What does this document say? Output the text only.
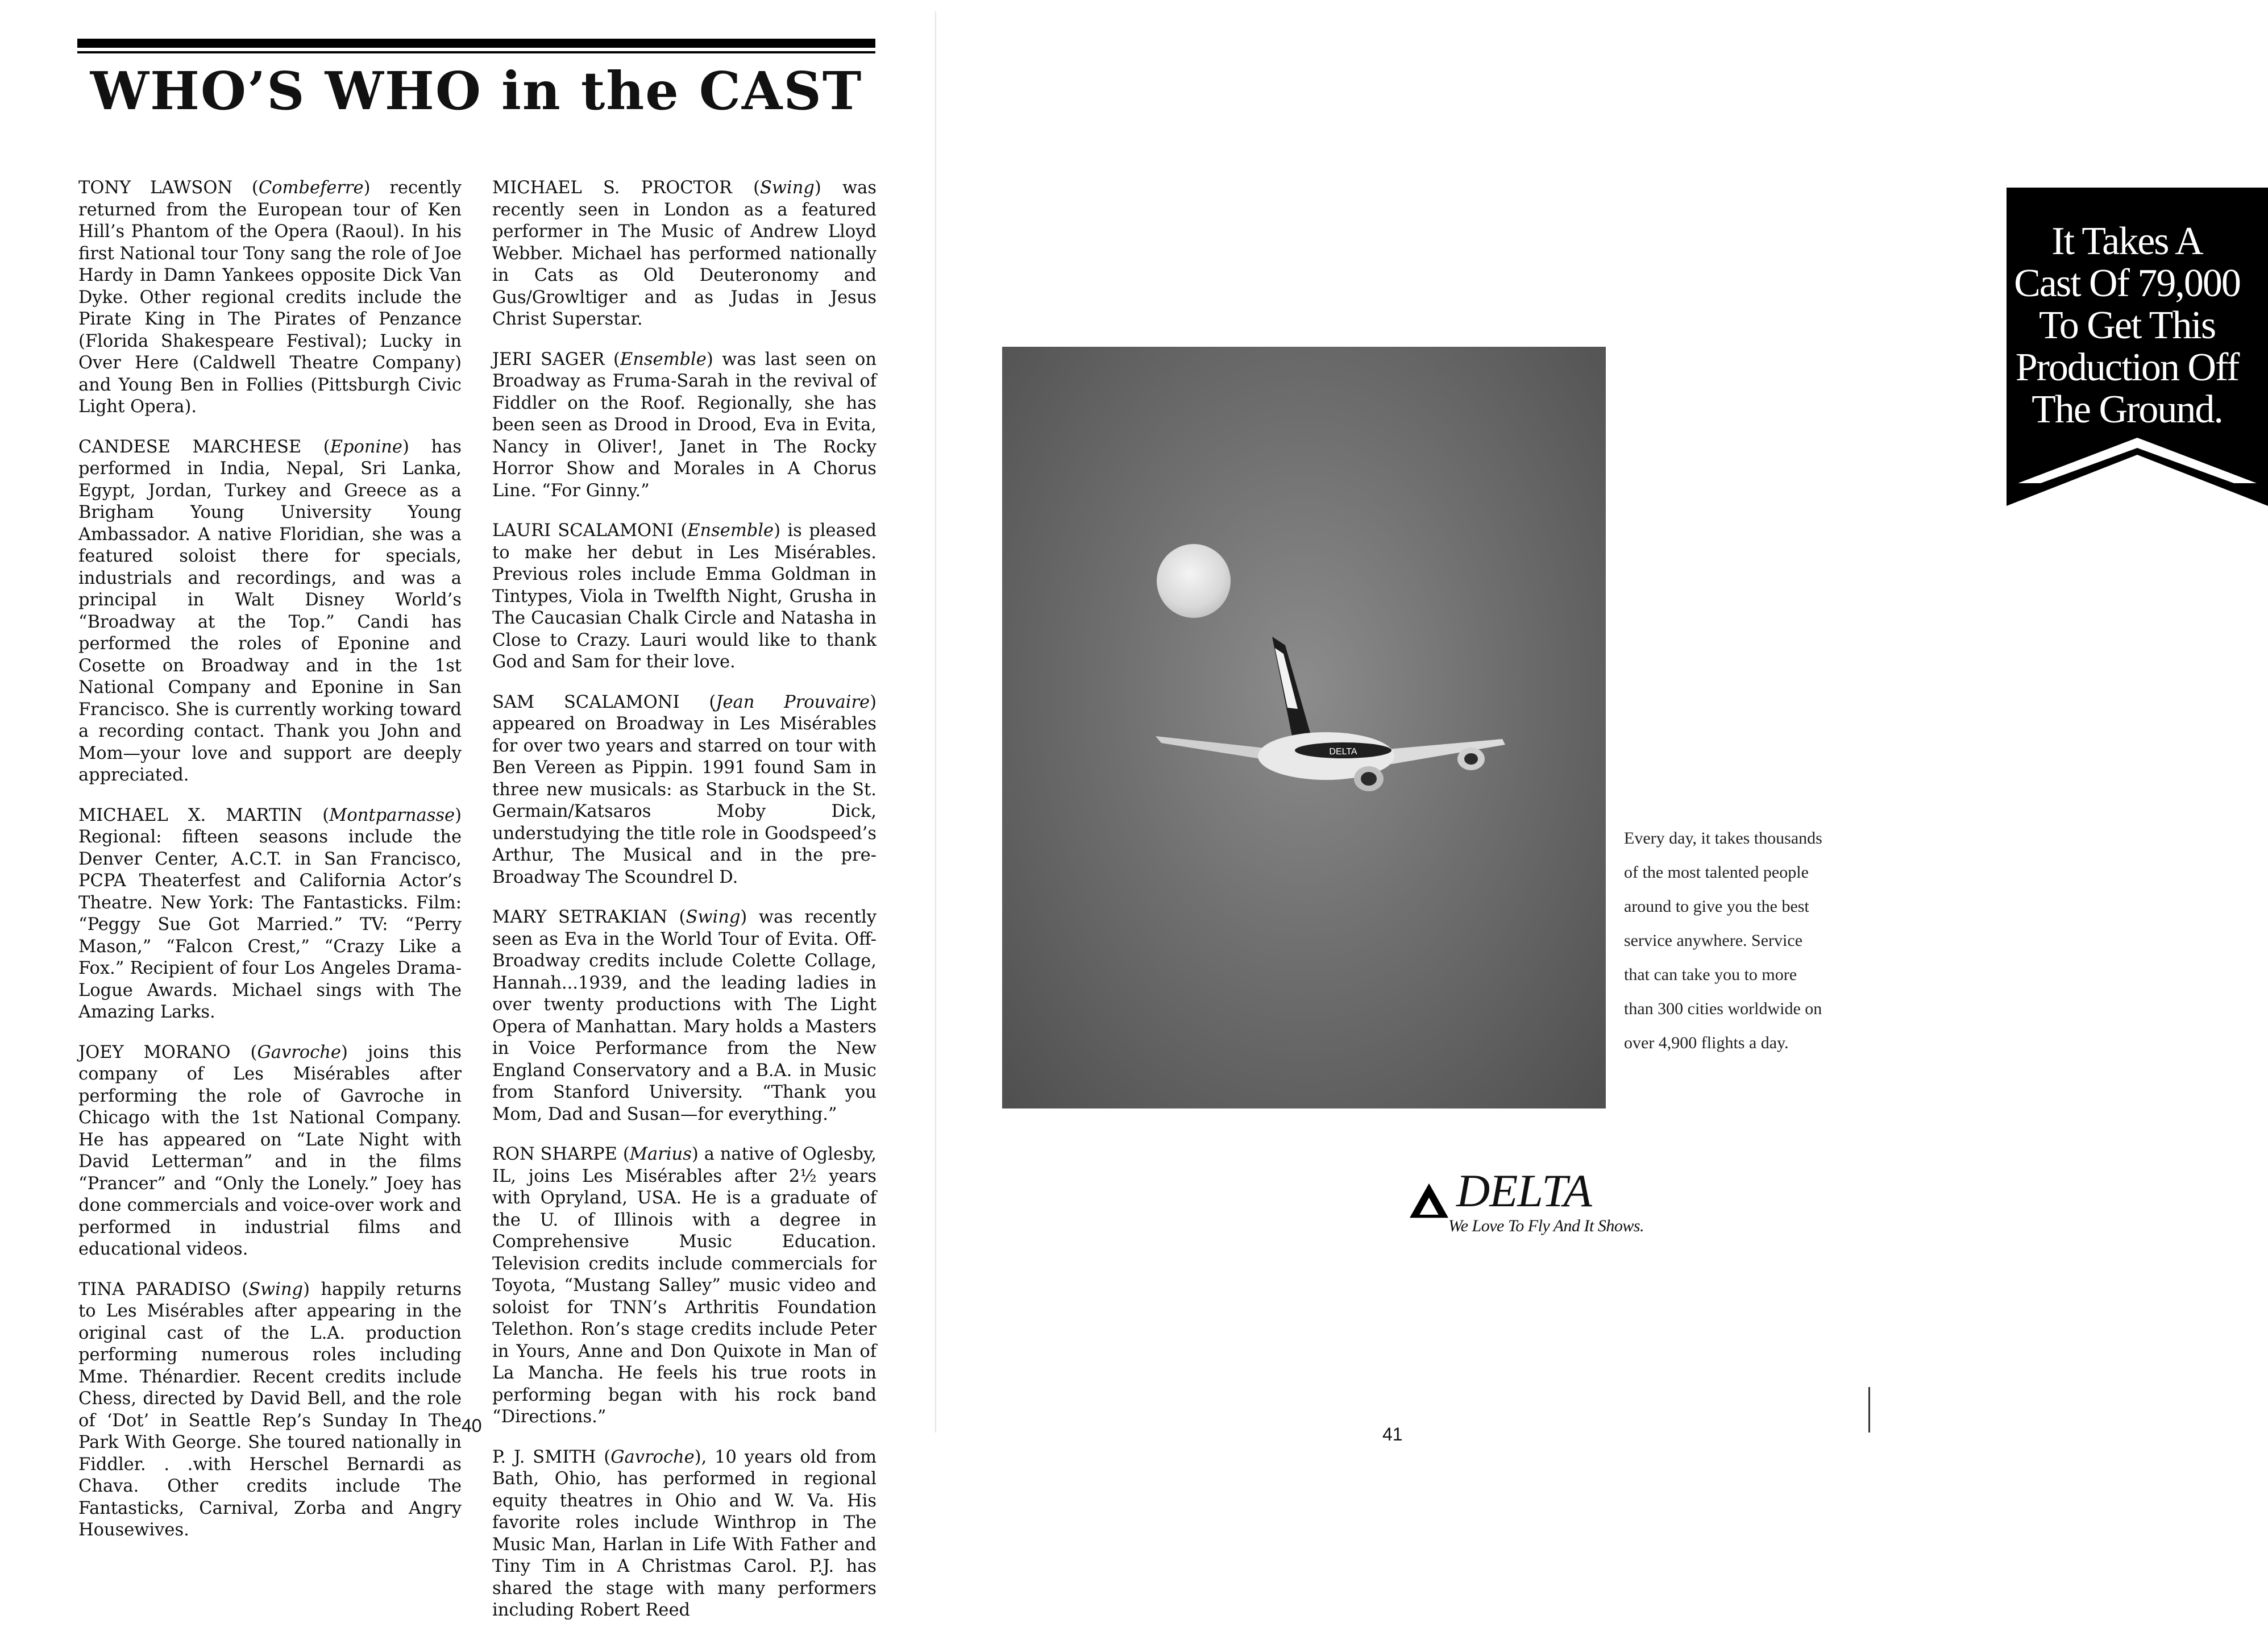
WHO’S WHO in the CAST

TONY LAWSON (Combeferre) recently returned from the European tour of Ken Hill’s Phantom of the Opera (Raoul). In his first National tour Tony sang the role of Joe Hardy in Damn Yankees opposite Dick Van Dyke. Other regional credits include the Pirate King in The Pirates of Penzance (Florida Shakespeare Festival); Lucky in Over Here (Caldwell Theatre Company) and Young Ben in Follies (Pittsburgh Civic Light Opera).

CANDESE MARCHESE (Eponine) has performed in India, Nepal, Sri Lanka, Egypt, Jordan, Turkey and Greece as a Brigham Young University Young Ambassador. A native Floridian, she was a featured soloist there for specials, industrials and recordings, and was a principal in Walt Disney World’s “Broadway at the Top.” Candi has performed the roles of Eponine and Cosette on Broadway and in the 1st National Company and Eponine in San Francisco. She is currently working toward a recording contact. Thank you John and Mom—your love and support are deeply appreciated.

MICHAEL X. MARTIN (Montparnasse) Regional: fifteen seasons include the Denver Center, A.C.T. in San Francisco, PCPA Theaterfest and California Actor’s Theatre. New York: The Fantasticks. Film: “Peggy Sue Got Married.” TV: “Perry Mason,” “Falcon Crest,” “Crazy Like a Fox.” Recipient of four Los Angeles Drama-Logue Awards. Michael sings with The Amazing Larks.

JOEY MORANO (Gavroche) joins this company of Les Misérables after performing the role of Gavroche in Chicago with the 1st National Company. He has appeared on “Late Night with David Letterman” and in the films “Prancer” and “Only the Lonely.” Joey has done commercials and voice-over work and performed in industrial films and educational videos.

TINA PARADISO (Swing) happily returns to Les Misérables after appearing in the original cast of the L.A. production performing numerous roles including Mme. Thénardier. Recent credits include Chess, directed by David Bell, and the role of ‘Dot’ in Seattle Rep’s Sunday In The Park With George. She toured nationally in Fiddler. . .with Herschel Bernardi as Chava. Other credits include The Fantasticks, Carnival, Zorba and Angry Housewives.

MICHAEL S. PROCTOR (Swing) was recently seen in London as a featured performer in The Music of Andrew Lloyd Webber. Michael has performed nationally in Cats as Old Deuteronomy and Gus/Growltiger and as Judas in Jesus Christ Superstar.

JERI SAGER (Ensemble) was last seen on Broadway as Fruma-Sarah in the revival of Fiddler on the Roof. Regionally, she has been seen as Drood in Drood, Eva in Evita, Nancy in Oliver!, Janet in The Rocky Horror Show and Morales in A Chorus Line. “For Ginny.”

LAURI SCALAMONI (Ensemble) is pleased to make her debut in Les Misérables. Previous roles include Emma Goldman in Tintypes, Viola in Twelfth Night, Grusha in The Caucasian Chalk Circle and Natasha in Close to Crazy. Lauri would like to thank God and Sam for their love.

SAM SCALAMONI (Jean Prouvaire) appeared on Broadway in Les Misérables for over two years and starred on tour with Ben Vereen as Pippin. 1991 found Sam in three new musicals: as Starbuck in the St. Germain/Katsaros Moby Dick, understudying the title role in Goodspeed’s Arthur, The Musical and in the pre-Broadway The Scoundrel D.

MARY SETRAKIAN (Swing) was recently seen as Eva in the World Tour of Evita. Off-Broadway credits include Colette Collage, Hannah...1939, and the leading ladies in over twenty productions with The Light Opera of Manhattan. Mary holds a Masters in Voice Performance from the New England Conservatory and a B.A. in Music from Stanford University. “Thank you Mom, Dad and Susan—for everything.”

RON SHARPE (Marius) a native of Oglesby, IL, joins Les Misérables after 2½ years with Opryland, USA. He is a graduate of the U. of Illinois with a degree in Comprehensive Music Education. Television credits include commercials for Toyota, “Mustang Salley” music video and soloist for TNN’s Arthritis Foundation Telethon. Ron’s stage credits include Peter in Yours, Anne and Don Quixote in Man of La Mancha. He feels his true roots in performing began with his rock band “Directions.”

P. J. SMITH (Gavroche), 10 years old from Bath, Ohio, has performed in regional equity theatres in Ohio and W. Va. His favorite roles include Winthrop in The Music Man, Harlan in Life With Father and Tiny Tim in A Christmas Carol. P.J. has shared the stage with many performers including Robert Reed

40
DELTA
It Takes A
Cast Of 79,000
To Get This
Production Off
The Ground.

Every day, it takes thousands of the most talented people around to give you the best service anywhere. Service that can take you to more than 300 cities worldwide on over 4,900 flights a day.

DELTA
We Love To Fly And It Shows.
41
